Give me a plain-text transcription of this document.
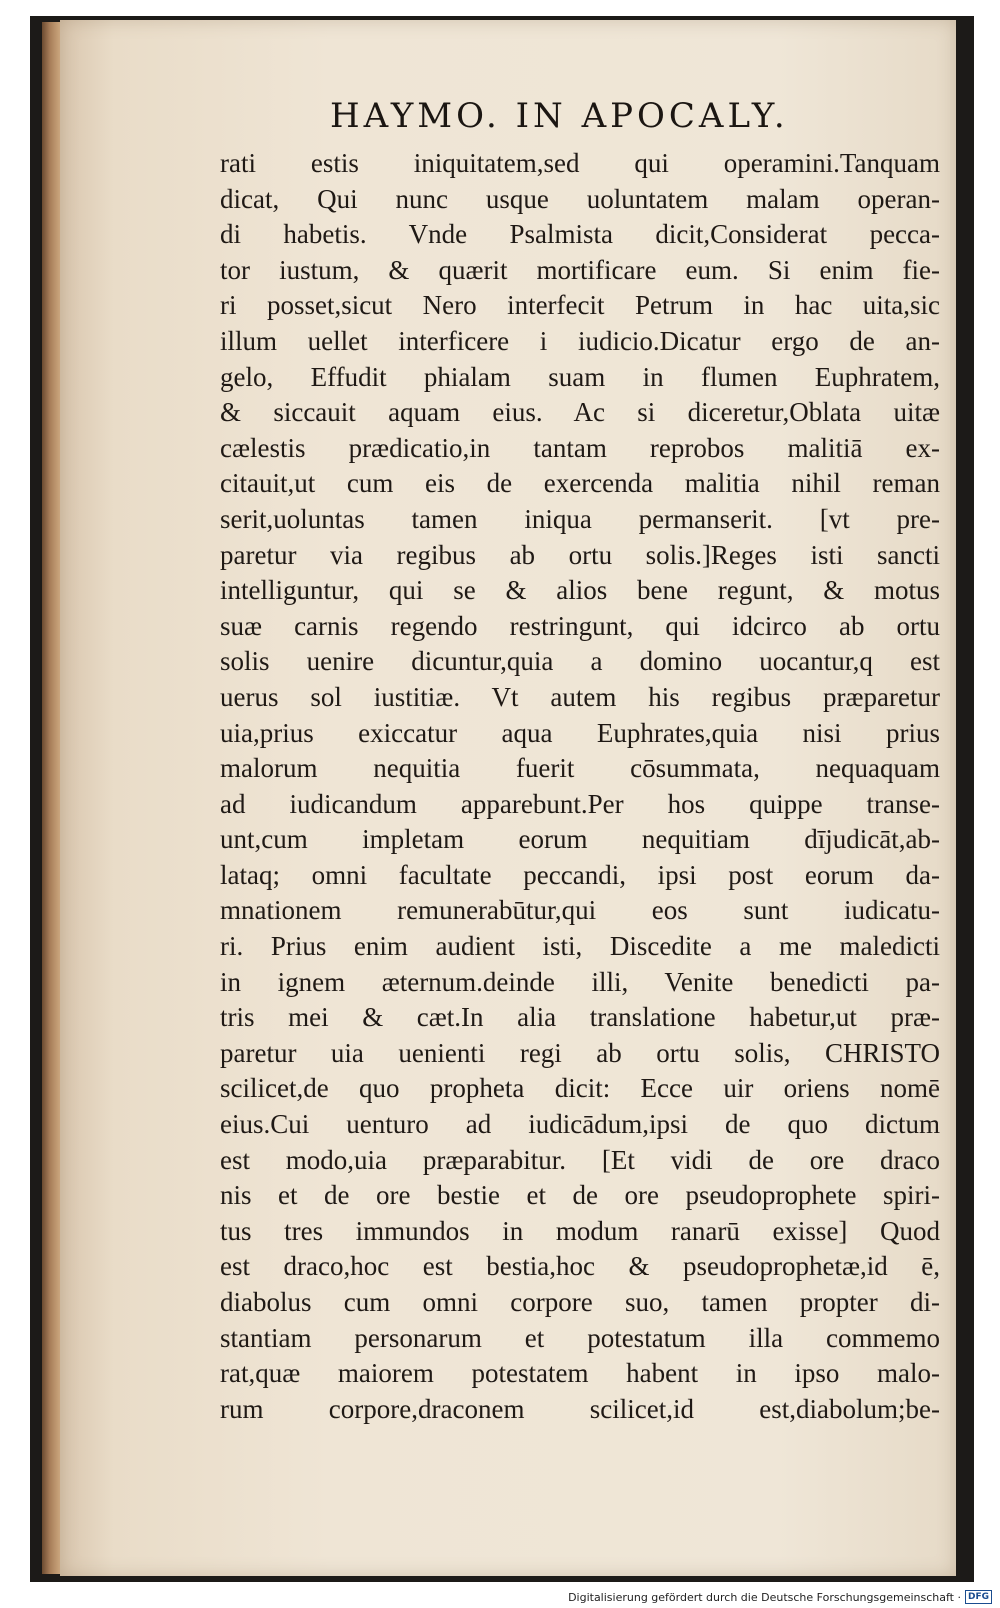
HAYMO. IN APOCALY.
rati estis iniquitatem,sed qui operamini.Tanquam
dicat, Qui nunc usque uoluntatem malam operan-
di habetis. Vnde Psalmista dicit,Considerat pecca-
tor iustum, & quærit mortificare eum. Si enim fie-
ri posset,sicut Nero interfecit Petrum in hac uita,sic
illum uellet interficere i iudicio.Dicatur ergo de an-
gelo, Effudit phialam suam in flumen Euphratem,
& siccauit aquam eius. Ac si diceretur,Oblata uitæ
cælestis prædicatio,in tantam reprobos malitiā ex-
citauit,ut cum eis de exercenda malitia nihil reman
serit,uoluntas tamen iniqua permanserit. [vt pre-
paretur via regibus ab ortu solis.]Reges isti sancti
intelliguntur, qui se & alios bene regunt, & motus
suæ carnis regendo restringunt, qui idcirco ab ortu
solis uenire dicuntur,quia a domino uocantur,q est
uerus sol iustitiæ. Vt autem his regibus præparetur
uia,prius exiccatur aqua Euphrates,quia nisi prius
malorum nequitia fuerit cōsummata, nequaquam
ad iudicandum apparebunt.Per hos quippe transe-
unt,cum impletam eorum nequitiam dījudicāt,ab-
lataq; omni facultate peccandi, ipsi post eorum da-
mnationem remunerabūtur,qui eos sunt iudicatu-
ri. Prius enim audient isti, Discedite a me maledicti
in ignem æternum.deinde illi, Venite benedicti pa-
tris mei & cæt.In alia translatione habetur,ut præ-
paretur uia uenienti regi ab ortu solis, CHRISTO
scilicet,de quo propheta dicit: Ecce uir oriens nomē
eius.Cui uenturo ad iudicādum,ipsi de quo dictum
est modo,uia præparabitur. [Et vidi de ore draco
nis et de ore bestie et de ore pseudoprophete spiri-
tus tres immundos in modum ranarū exisse] Quod
est draco,hoc est bestia,hoc & pseudoprophetæ,id ē,
diabolus cum omni corpore suo, tamen propter di-
stantiam personarum et potestatum illa commemo
rat,quæ maiorem potestatem habent in ipso malo-
rum corpore,draconem scilicet,id est,diabolum;be-
Digitalisierung gefördert durch die Deutsche Forschungsgemeinschaft · DFG
